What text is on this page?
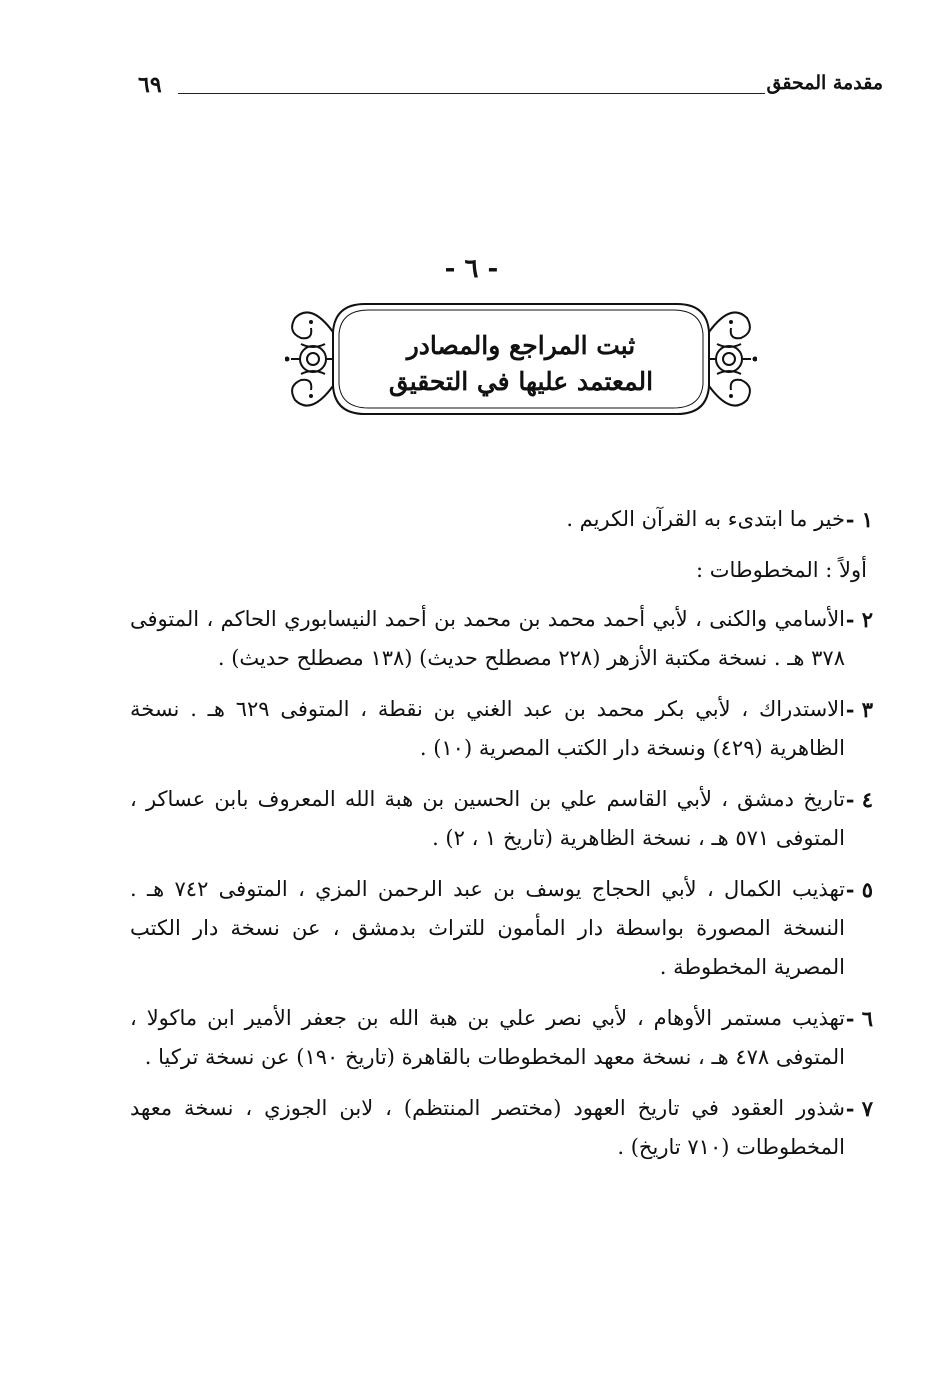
مقدمة المحقق
٦٩
- ٦ -
ثبت المراجع والمصادر
المعتمد عليها في التحقيق
١ -
خير ما ابتدىء به القرآن الكريم .
أولاً : المخطوطات :
٢ -
الأسامي والكنى ، لأبي أحمد محمد بن محمد بن أحمد النيسابوري الحاكم ، المتوفى ٣٧٨ هـ . نسخة مكتبة الأزهر (٢٢٨ مصطلح حديث) (١٣٨ مصطلح حديث) .
٣ -
الاستدراك ، لأبي بكر محمد بن عبد الغني بن نقطة ، المتوفى ٦٢٩ هـ . نسخة الظاهرية (٤٢٩) ونسخة دار الكتب المصرية (١٠) .
٤ -
تاريخ دمشق ، لأبي القاسم علي بن الحسين بن هبة الله المعروف بابن عساكر ، المتوفى ٥٧١ هـ ، نسخة الظاهرية (تاريخ ١ ، ٢) .
٥ -
تهذيب الكمال ، لأبي الحجاج يوسف بن عبد الرحمن المزي ، المتوفى ٧٤٢ هـ . النسخة المصورة بواسطة دار المأمون للتراث بدمشق ، عن نسخة دار الكتب المصرية المخطوطة .
٦ -
تهذيب مستمر الأوهام ، لأبي نصر علي بن هبة الله بن جعفر الأمير ابن ماكولا ، المتوفى ٤٧٨ هـ ، نسخة معهد المخطوطات بالقاهرة (تاريخ ١٩٠) عن نسخة تركيا .
٧ -
شذور العقود في تاريخ العهود (مختصر المنتظم) ، لابن الجوزي ، نسخة معهد المخطوطات (٧١٠ تاريخ) .
